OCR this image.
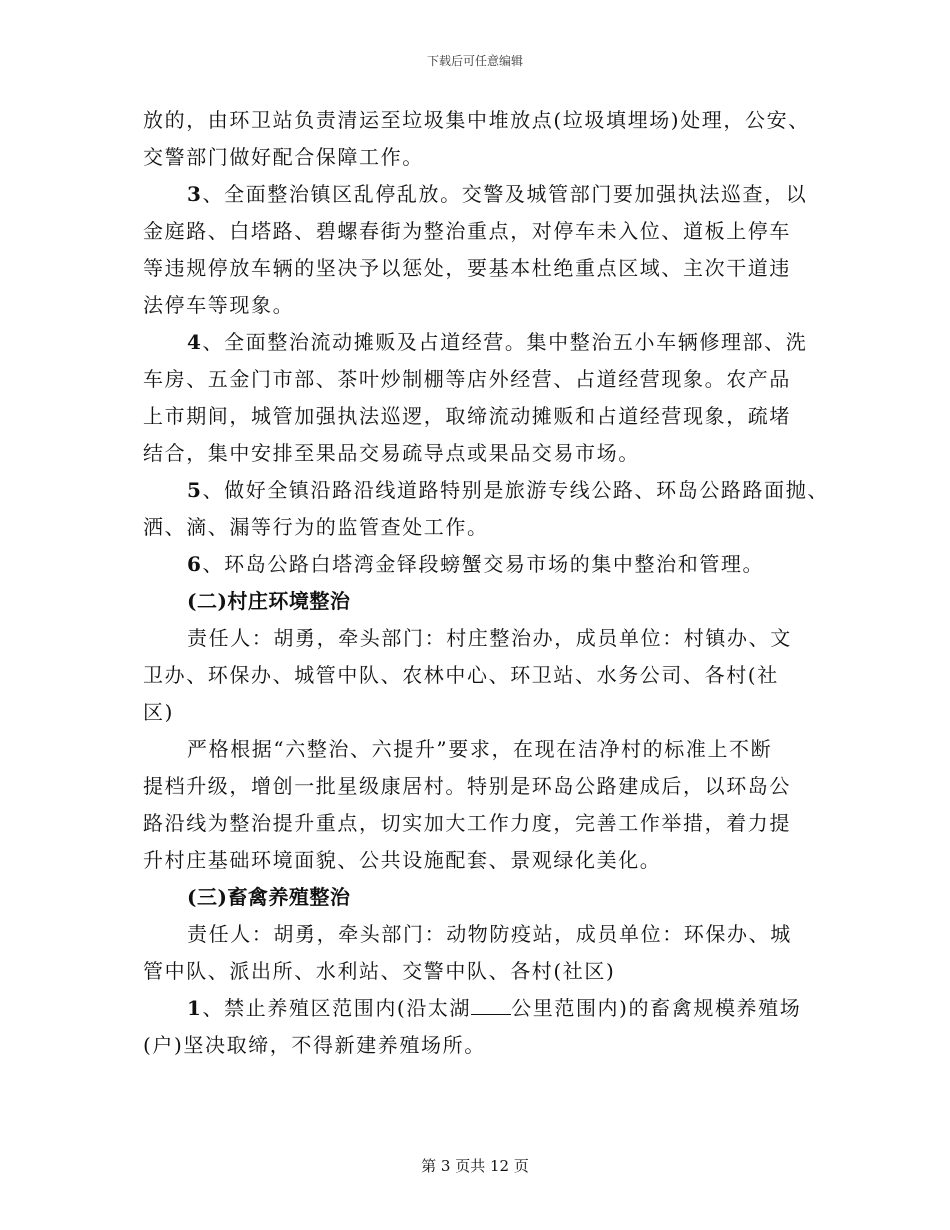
下载后可任意编辑
放的，由环卫站负责清运至垃圾集中堆放点(垃圾填埋场)处理，公安、
交警部门做好配合保障工作。
3、全面整治镇区乱停乱放。交警及城管部门要加强执法巡查，以
金庭路、白塔路、碧螺春街为整治重点，对停车未入位、道板上停车
等违规停放车辆的坚决予以惩处，要基本杜绝重点区域、主次干道违
法停车等现象。
4、全面整治流动摊贩及占道经营。集中整治五小车辆修理部、洗
车房、五金门市部、茶叶炒制棚等店外经营、占道经营现象。农产品
上市期间，城管加强执法巡逻，取缔流动摊贩和占道经营现象，疏堵
结合，集中安排至果品交易疏导点或果品交易市场。
5、做好全镇沿路沿线道路特别是旅游专线公路、环岛公路路面抛、
洒、滴、漏等行为的监管查处工作。
6、环岛公路白塔湾金铎段螃蟹交易市场的集中整治和管理。
(二)村庄环境整治
责任人：胡勇，牵头部门：村庄整治办，成员单位：村镇办、文
卫办、环保办、城管中队、农林中心、环卫站、水务公司、各村(社
区)
严格根据“六整治、六提升”要求，在现在洁净村的标准上不断
提档升级，增创一批星级康居村。特别是环岛公路建成后，以环岛公
路沿线为整治提升重点，切实加大工作力度，完善工作举措，着力提
升村庄基础环境面貌、公共设施配套、景观绿化美化。
(三)畜禽养殖整治
责任人：胡勇，牵头部门：动物防疫站，成员单位：环保办、城
管中队、派出所、水利站、交警中队、各村(社区)
1、禁止养殖区范围内(沿太湖 公里范围内)的畜禽规模养殖场
(户)坚决取缔，不得新建养殖场所。
第 3 页共 12 页
